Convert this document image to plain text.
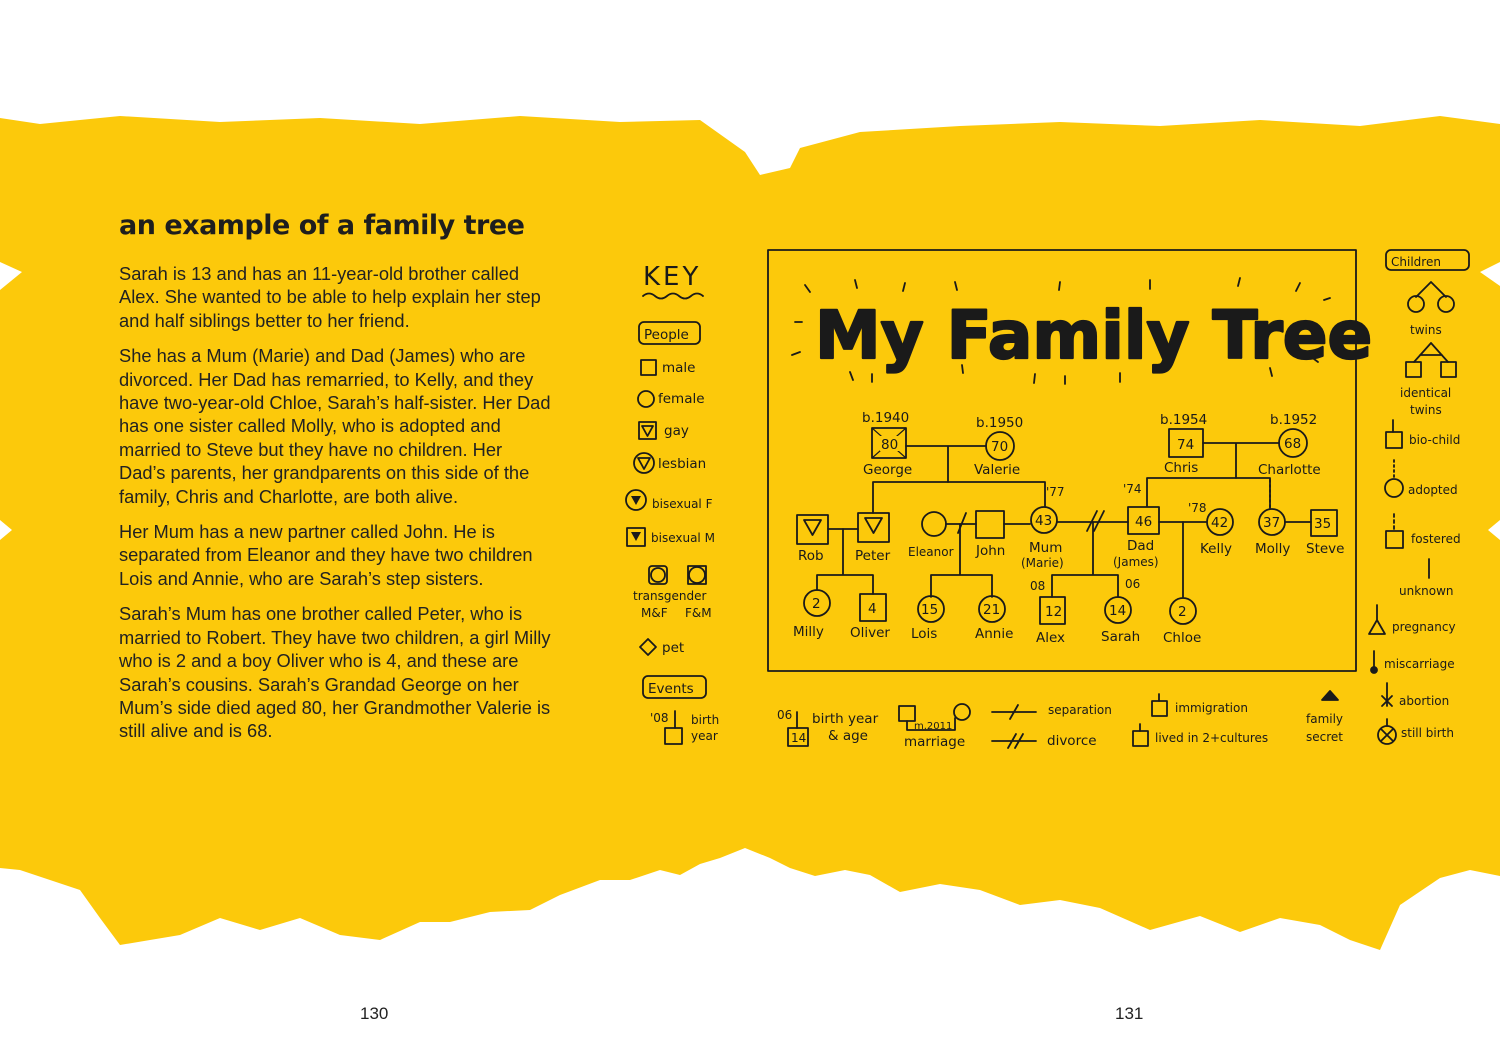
an example of a family tree

Sarah is 13 and has an 11-year-old brother called Alex. She wanted to be able to help explain her step and half siblings better to her friend.

She has a Mum (Marie) and Dad (James) who are divorced. Her Dad has remarried, to Kelly, and they have two-year-old Chloe, Sarah’s half-sister. Her Dad has one sister called Molly, who is adopted and married to Steve but they have no children. Her Dad’s parents, her grandparents on this side of the family, Chris and Charlotte, are both alive.

Her Mum has a new partner called John. He is separated from Eleanor and they have two children Lois and Annie, who are Sarah’s step sisters.

Sarah’s Mum has one brother called Peter, who is married to Robert. They have two children, a girl Milly who is 2 and a boy Oliver who is 4, and these are Sarah’s cousins. Sarah’s Grandad George on her Mum’s side died aged 80, her Grandmother Valerie is still alive and is 68.

130	131
KEY
People
male
female
gay
lesbian
bisexual F
bisexual M
transgender
M&F F&M
pet
Events
'08 birth
year
My Family Tree
b.1940
80
George
b.1950
70
Valerie
b.1954
74
Chris
b.1952
68
Charlotte
'77	'74
Rob Peter Eleanor John
43
Mum
(Marie)
46
Dad
(James)
'78
42
Kelly
37
Molly
35
Steve
2
Milly
4
Oliver
15
Lois
21
Annie
08	06
12
Alex
14
Sarah
2
Chloe
06
14
birth year
& age
m.2011
marriage
separation
divorce
immigration
lived in 2+cultures
family
secret
Children
twins
identical
twins
bio-child
adopted
fostered
unknown
pregnancy
miscarriage
abortion
still birth
